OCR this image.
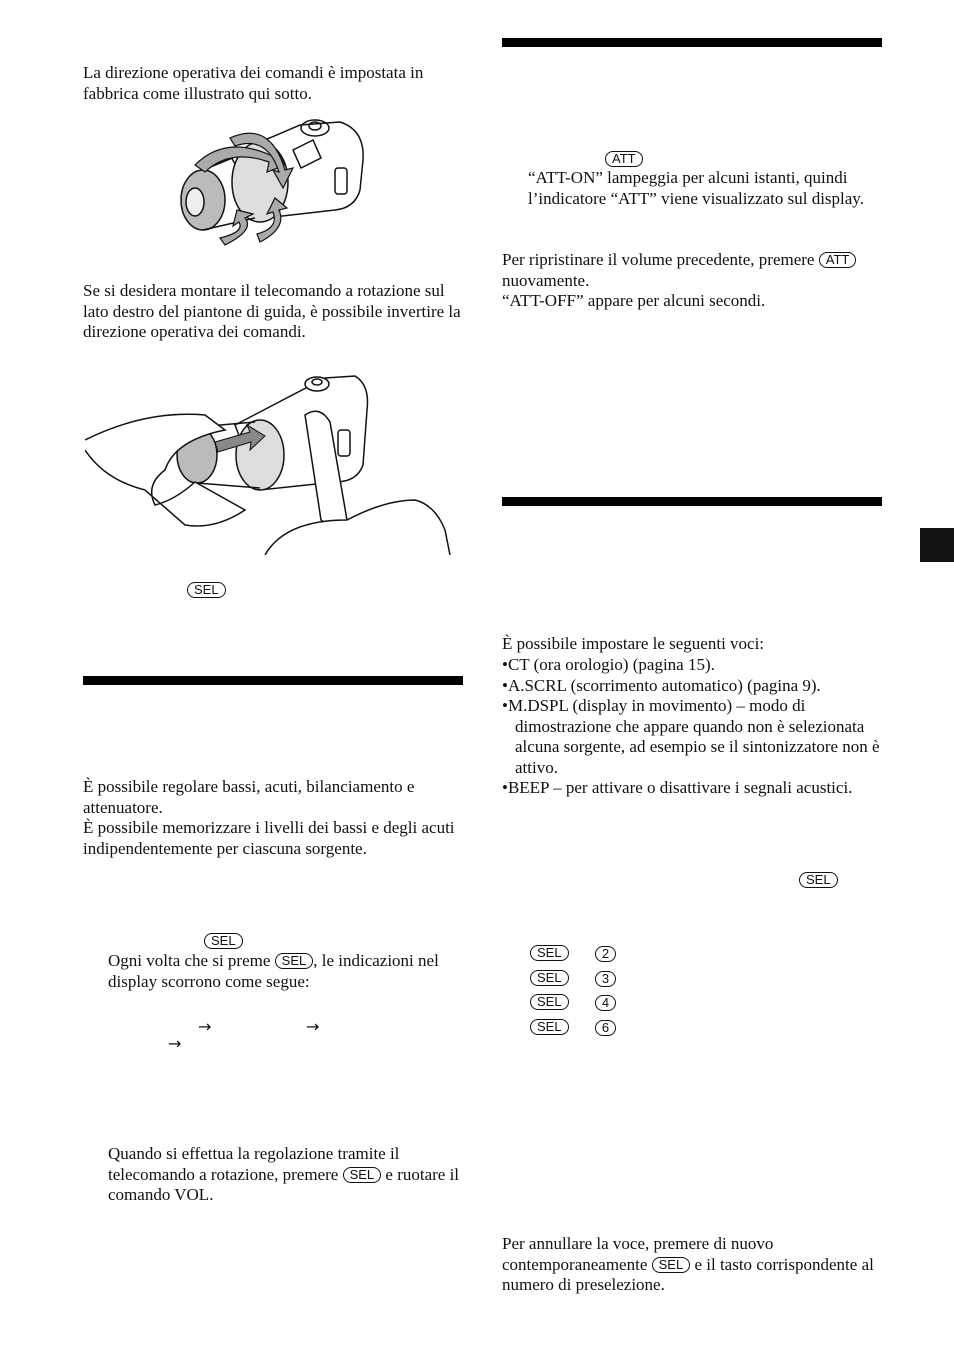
La direzione operativa dei comandi è impostata in fabbrica come illustrato qui sotto.

Se si desidera montare il telecomando a rotazione sul lato destro del piantone di guida, è possibile invertire la direzione operativa dei comandi.

SEL

È possibile regolare bassi, acuti, bilanciamento e attenuatore.

È possibile memorizzare i livelli dei bassi e degli acuti indipendentemente per ciascuna sorgente.

SEL

Ogni volta che si preme SEL , le indicazioni nel display scorrono come segue:

→	→
→

Quando si effettua la regolazione tramite il telecomando a rotazione, premere SEL e ruotare il comando VOL.

ATT

“ATT-ON” lampeggia per alcuni istanti, quindi l’indicatore “ATT” viene visualizzato sul display.

Per ripristinare il volume precedente, premere ATT nuovamente.
“ATT-OFF” appare per alcuni secondi.

È possibile impostare le seguenti voci:

•CT (ora orologio) (pagina 15).
•A.SCRL (scorrimento automatico) (pagina 9).
•M.DSPL (display in movimento) – modo di dimostrazione che appare quando non è selezionata alcuna sorgente, ad esempio se il sintonizzatore non è attivo.
•BEEP – per attivare o disattivare i segnali acustici.
SEL
SEL	2
SEL	3
SEL	4
SEL	6

Per annullare la voce, premere di nuovo contemporaneamente SEL e il tasto corrispondente al numero di preselezione.
